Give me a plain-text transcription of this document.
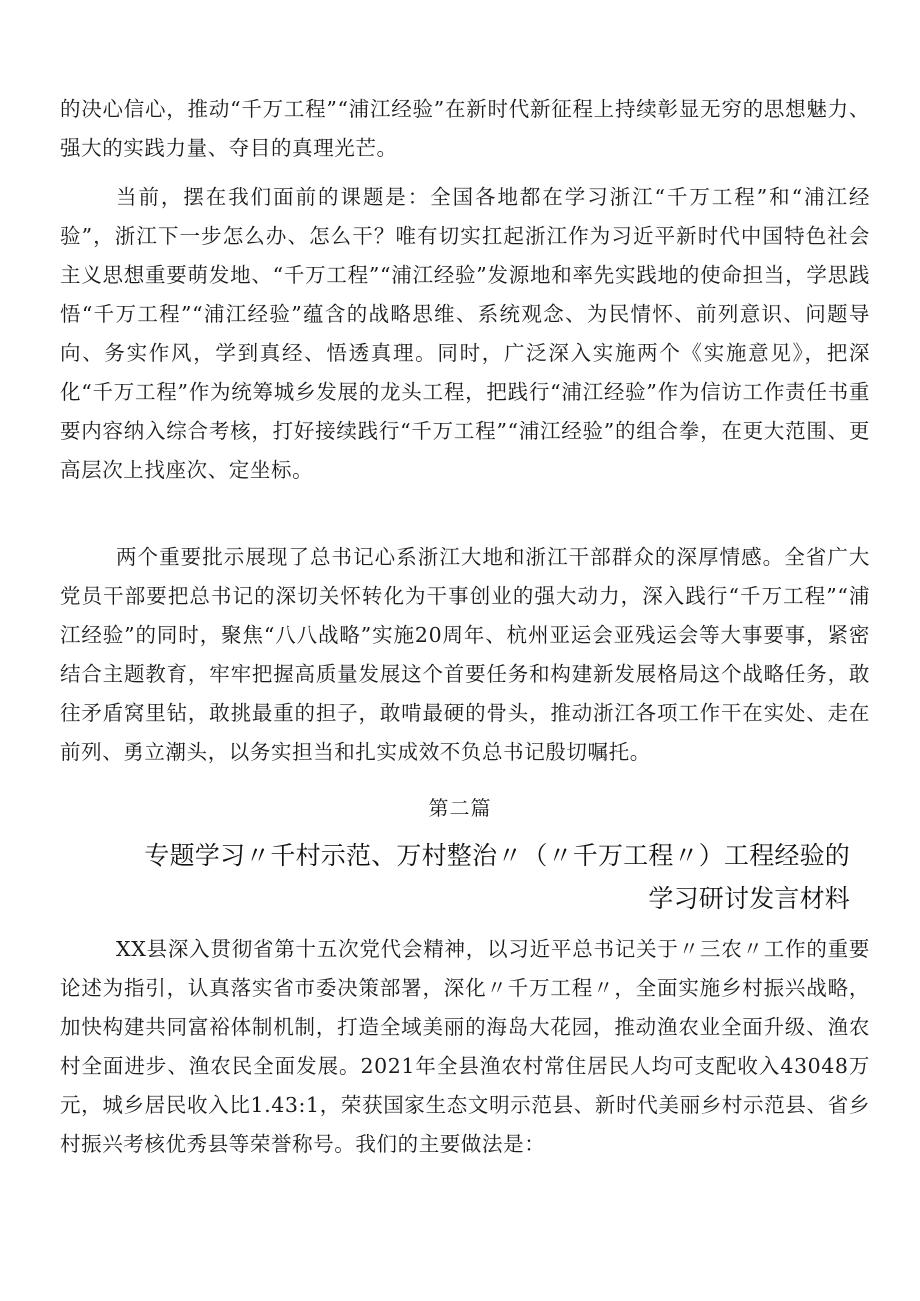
的决心信心，推动“千万工程”“浦江经验”在新时代新征程上持续彰显无穷的思想魅力、强大的实践力量、夺目的真理光芒。

当前，摆在我们面前的课题是：全国各地都在学习浙江“千万工程”和“浦江经验”，浙江下一步怎么办、怎么干？唯有切实扛起浙江作为习近平新时代中国特色社会主义思想重要萌发地、“千万工程”“浦江经验”发源地和率先实践地的使命担当，学思践悟“千万工程”“浦江经验”蕴含的战略思维、系统观念、为民情怀、前列意识、问题导向、务实作风，学到真经、悟透真理。同时，广泛深入实施两个《实施意见》，把深化“千万工程”作为统筹城乡发展的龙头工程，把践行“浦江经验”作为信访工作责任书重要内容纳入综合考核，打好接续践行“千万工程”“浦江经验”的组合拳，在更大范围、更高层次上找座次、定坐标。

两个重要批示展现了总书记心系浙江大地和浙江干部群众的深厚情感。全省广大党员干部要把总书记的深切关怀转化为干事创业的强大动力，深入践行“千万工程”“浦江经验”的同时，聚焦“八八战略”实施20周年、杭州亚运会亚残运会等大事要事，紧密结合主题教育，牢牢把握高质量发展这个首要任务和构建新发展格局这个战略任务，敢往矛盾窝里钻，敢挑最重的担子，敢啃最硬的骨头，推动浙江各项工作干在实处、走在前列、勇立潮头，以务实担当和扎实成效不负总书记殷切嘱托。

第二篇
专题学习〃千村示范、万村整治〃（〃千万工程〃）工程经验的学习研讨发言材料

XX县深入贯彻省第十五次党代会精神，以习近平总书记关于〃三农〃工作的重要论述为指引，认真落实省市委决策部署，深化〃千万工程〃，全面实施乡村振兴战略，加快构建共同富裕体制机制，打造全域美丽的海岛大花园，推动渔农业全面升级、渔农村全面进步、渔农民全面发展。2021年全县渔农村常住居民人均可支配收入43048万元，城乡居民收入比1.43:1，荣获国家生态文明示范县、新时代美丽乡村示范县、省乡村振兴考核优秀县等荣誉称号。我们的主要做法是：
